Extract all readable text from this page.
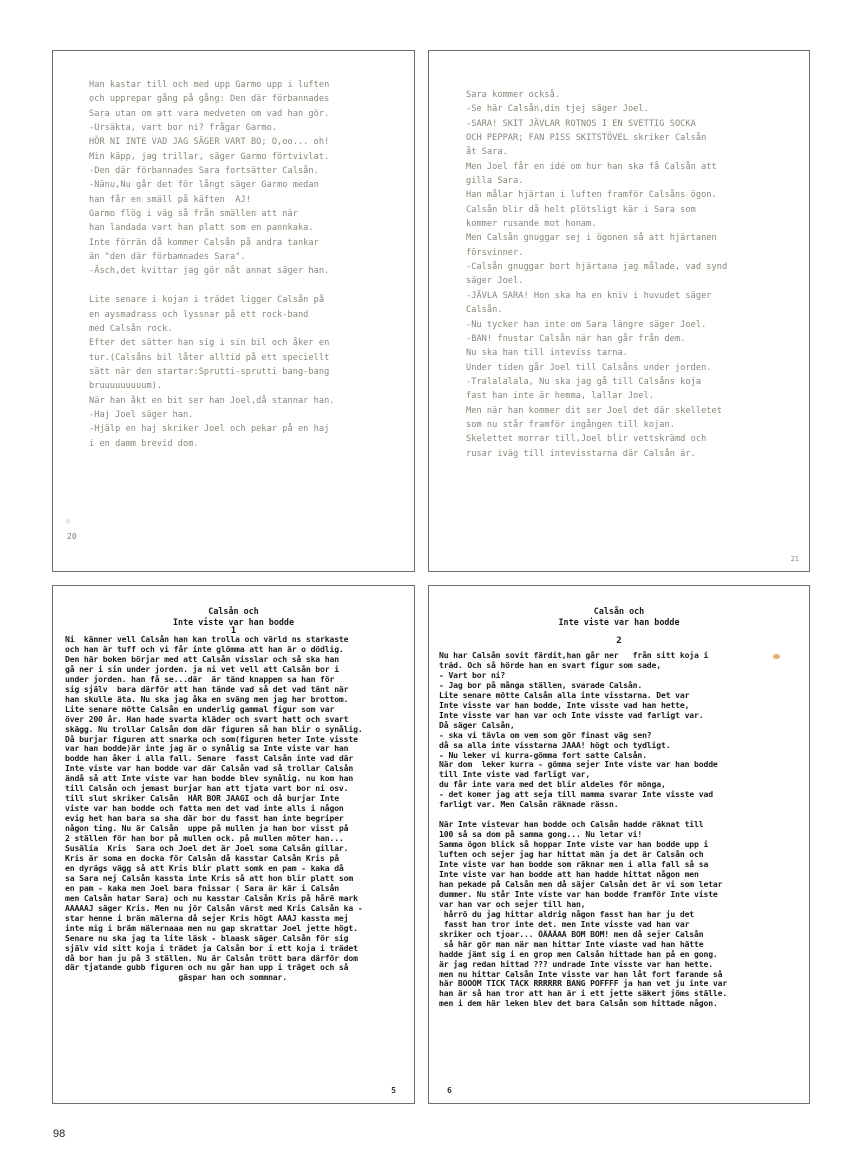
Han kastar till och med upp Garmo upp i luften
och upprepar gång på gång: Den där förbannades
Sara utan om att vara medveten om vad han gör.
-Ursäkta, vart bor ni? frågar Garmo.
HÖR NI INTE VAD JAG SÄGER VART BO; O,oo... oh!
Min käpp, jag trillar, säger Garmo förtvivlat.
-Den där förbannades Sara fortsätter Calsån.
-Nänu,Nu går det för långt säger Garmo medan
han får en smäll på käften  AJ!
Garmo flög i väg så från smällen att när
han landada vart han platt som en pannkaka.
Inte förrän då kommer Calsån på andra tankar
än "den där förbamnades Sara".
-Äsch,det kvittar jag gör nåt annat säger han.

Lite senare i kojan i trädet ligger Calsån på
en aysmadrass och lyssnar på ett rock-band
med Calsån rock.
Efter det sätter han sig i sin bil och åker en
tur.(Calsåns bil låter alltid på ett speciellt
sätt när den startar:Sprutti-sprutti bang-bang
bruuuuuuuuum).
När han åkt en bit ser han Joel,då stannar han.
-Haj Joel säger han.
-Hjälp en haj skriker Joel och pekar på en haj
i en damm brevid dom.
©
20
Sara kommer också.
-Se här Calsån,din tjej säger Joel.
-SARA! SKIT JÄVLAR ROTNOS I EN SVETTIG SOCKA
OCH PEPPAR; FAN PISS SKITSTÖVEL skriker Calsån
åt Sara.
Men Joel får en idé om hur han ska få Calsån att
gilla Sara.
Han målar hjärtan i luften framför Calsåns ögon.
Calsån blir då helt plötsligt kär i Sara som
kommer rusande mot honam.
Men Calsån gnuggar sej i ögonen så att hjärtanen
försvinner.
-Calsån gnuggar bort hjärtana jag målade, vad synd
säger Joel.
-JÄVLA SARA! Hon ska ha en kniv i huvudet säger
Calsån.
-Nu tycker han inte om Sara längre säger Joel.
-BAN! fnustar Calsån när han går från dem.
Nu ska han till inteviss tarna.
Under tiden går Joel till Calsåns under jorden.
-Tralalalala, Nu ska jag gå till Calsåns koja
fast han inte är hemma, lallar Joel.
Men när han kommer dit ser Joel det där skelletet
som nu står framför ingången till kojan.
Skelettet morrar till,Joel blir vettskrämd och
rusar iväg till intevisstarna där Calsån är.
21
Calsån och
Inte viste var han bodde
1
Ni  känner vell Calsån han kan trolla och värld ns starkaste
och han är tuff och vi får inte glömma att han är o dödlig.
Den här boken börjar med att Calsån visslar och så ska han
gå ner i sin under jorden. ja ni vet vell att Calsån bor i
under jorden. han få se...där  är tänd knappen sa han för
sig själv  bara därför att han tände vad så det vad tänt när
han skulle äta. Nu ska jag åka en sväng men jag har brottom.
Lite senare mötte Calsån en underlig gammal figur som var
över 200 år. Han hade svarta kläder och svart hatt och svart
skägg. Nu trollar Calsån dom där figuren så han blir o synålig.
Då burjar figuren att snarka och som(figuren heter Inte visste
var han bodde)är inte jag är o synålig sa Inte viste var han
bodde han åker i alla fall. Senare  fasst Calsån inte vad där
Inte viste var han bodde var där Calsån vad så trollar Calsån
ändå så att Inte viste var han bodde blev synålig. nu kom han
till Calsån och jemast burjar han att tjata vart bor ni osv.
till slut skriker Calsån  HÄR BOR JAAGI och då burjar Inte
viste var han bodde och fatta men det vad inte alls i någon
evig het han bara sa sha där bor du fasst han inte begriper
någon ting. Nu är Calsån  uppe på mullen ja han bor visst på
2 ställen för han bor på mullen ock. på mullen möter han...
Susälia  Kris  Sara och Joel det är Joel soma Calsån gillar.
Kris är soma en docka för Calsån då kasstar Calsån Kris på
en dyrägs vägg så att Kris blir platt somk en pam - kaka då
sa Sara nej Calsån kassta inte Kris så att hon blir platt som
en pam - kaka men Joel bara fnissar ( Sara är kär i Calsån
men Calsån hatar Sara) och nu kasstar Calsån Kris på hårë mark
AAAAAJ säger Kris. Men nu jör Calsån värst med Kris Calsån ka -
star henne i brän mälerna då sejer Kris högt AAAJ kassta mej
inte mig i bräm mälernaaa men nu gap skrattar Joel jette högt.
Senare nu ska jag ta lite läsk - blaask säger Calsån för sig
själv vid sitt koja i trädet ja Calsån bor i ett koja i trädet
då bor han ju på 3 ställen. Nu är Calsån trött bara därför dom
där tjatande gubb figuren och nu går han upp i träget och så
gäspar han och sommnar.
5
Calsån och
Inte viste var han bodde
2
Nu har Calsån sovit färdit,han går ner   från sitt koja i
träd. Och så hörde han en svart figur som sade,
- Vart bor ni?
- Jag bor på många ställen, svarade Calsån.
Lite senare mötte Calsån alla inte visstarna. Det var
Inte visste var han bodde, Inte visste vad han hette,
Inte visste var han var och Inte visste vad farligt var.
Då säger Calsån,
- ska vi tävla om vem som gör finast väg sen?
då sa alla inte visstarna JAAA! högt och tydligt.
- Nu leker vi kurra-gömma fort satte Calsån.
När dom  leker kurra - gömma sejer Inte viste var han bodde
till Inte viste vad farligt var,
du får inte vara med det blir aldeles för mönga,
- det komer jag att seja till mamma svarar Inte visste vad
farligt var. Men Calsån räknade rässn.

När Inte vistevar han bodde och Calsån hadde räknat till
100 så sa dom på samma gong... Nu letar vi!
Samma ögon blick så hoppar Inte viste var han bodde upp i
luften och sejer jag har hittat män ja det är Calsån och
Inte viste var han bodde som räknar men i alla fall så sa
Inte viste var han bodde att han hadde hittat någon men
han pekade på Calsån men då säjer Calsån det är vi som letar
dummer. Nu står Inte viste var han bodde framför Inte viste
var han var och sejer till han,
hårrö du jag hittar aldrig någon fasst han har ju det
fasst han tror inte det. men Inte visste vad han var
skriker och tjoar... ÖÄÄÄAA BOM BOM! men då sejer Calsån
så här gör man när man hittar Inte viaste vad han hätte
hadde jämt sig i en grop men Calsån hittade han på en gong.
är jag redan hittad ??? undrade Inte visste var han hette.
men nu hittar Calsån Inte visste var han låt fort farande så
här BOOOM TICK TACK RRRRRR BANG POFFFF ja han vet ju inte var
han är så han tror att han är i ett jette säkert jöms ställe.
men i dem här leken blev det bara Calsån som hittade någon.
6
98
